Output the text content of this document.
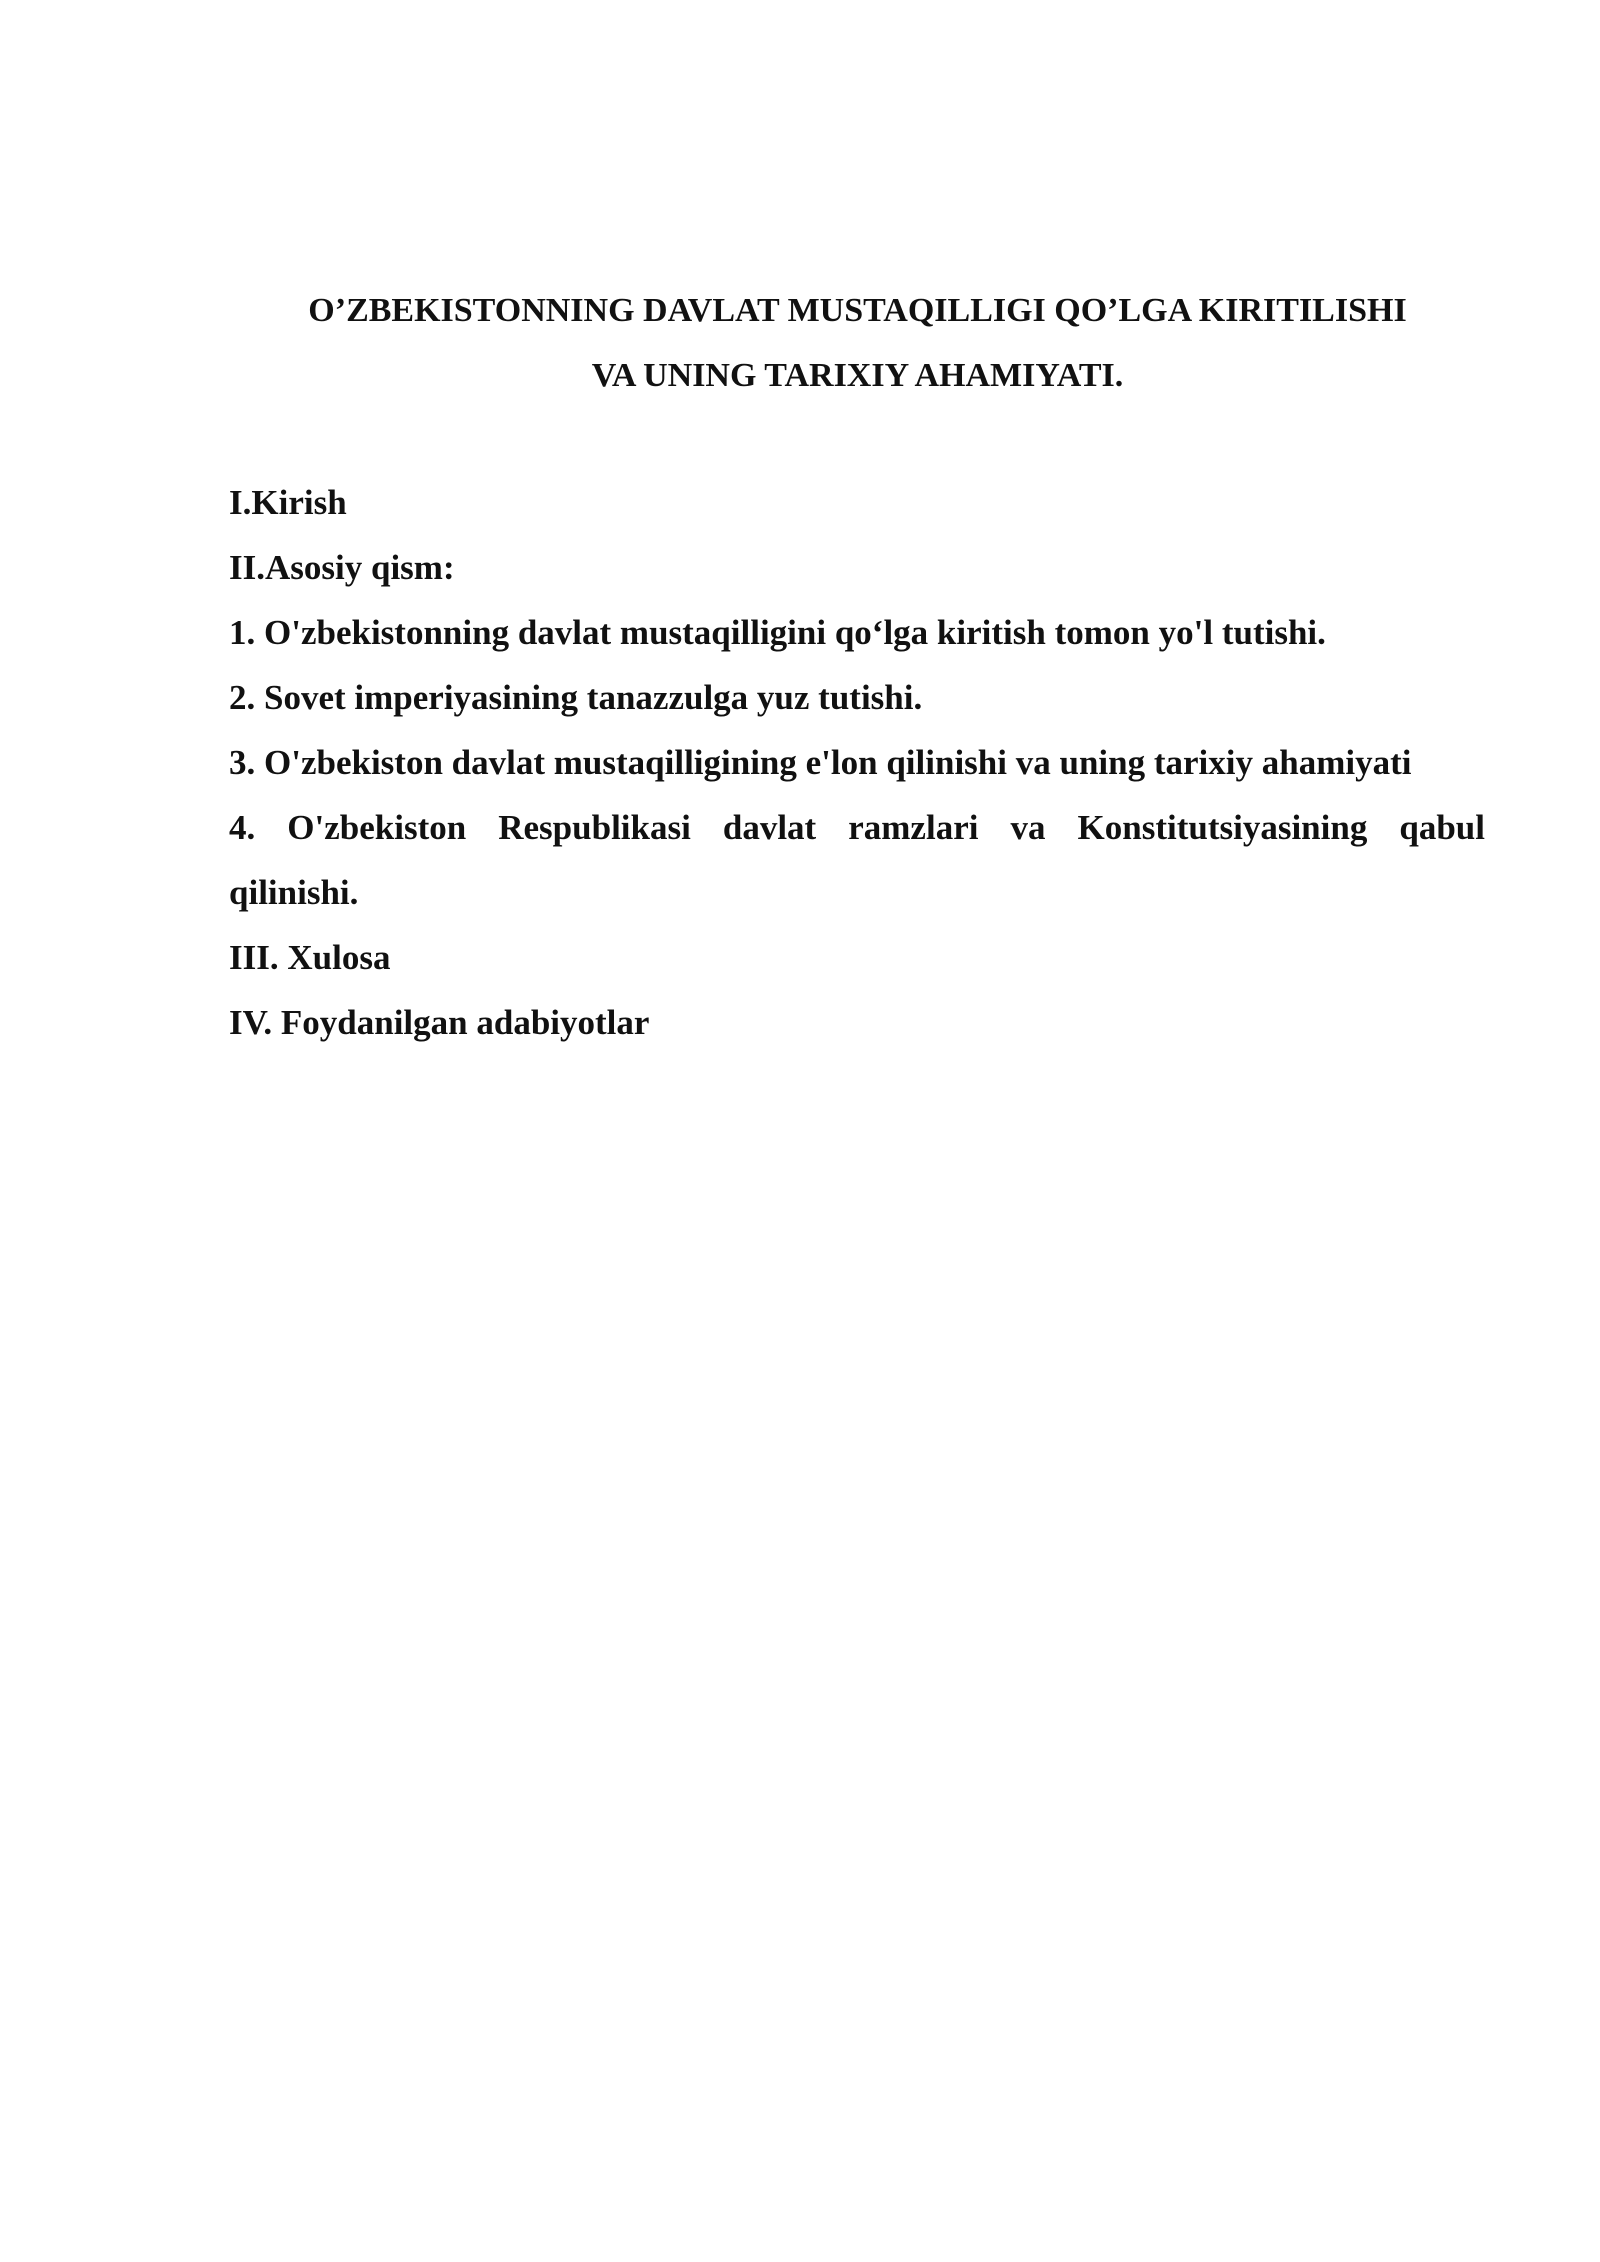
O’ZBEKISTONNING DAVLAT MUSTAQILLIGI QO’LGA KIRITILISHI
VA UNING TARIXIY AHAMIYATI.
I.Kirish
II.Asosiy qism:
1. O'zbekistonning davlat mustaqilligini qo‘lga kiritish tomon yo'l tutishi.
2. Sovet imperiyasining tanazzulga yuz tutishi.
3. O'zbekiston davlat mustaqilligining e'lon qilinishi va uning tarixiy ahamiyati
4. O'zbekiston Respublikasi davlat ramzlari va Konstitutsiyasining qabul
qilinishi.
III. Xulosa
IV. Foydanilgan adabiyotlar
